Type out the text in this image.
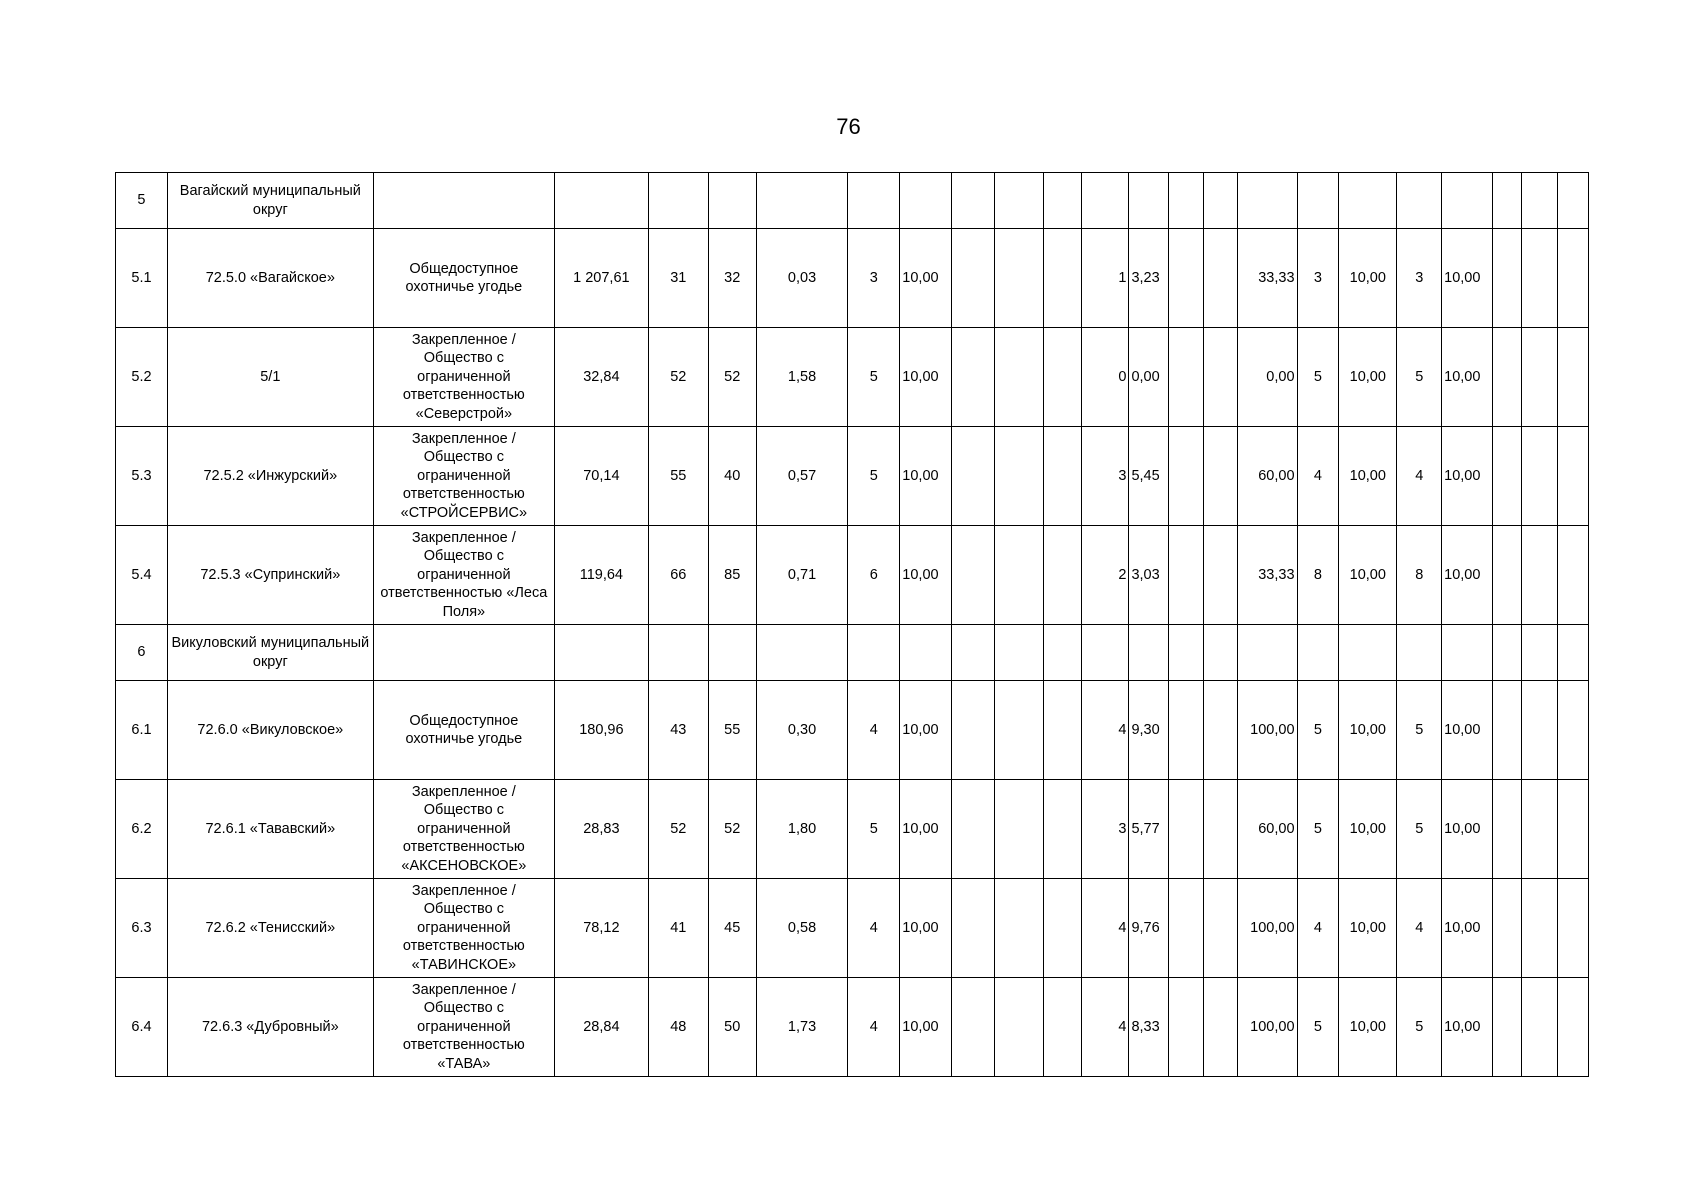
76
5	Вагайский муниципальный округ																						
5.1	72.5.0 «Вагайское»	Общедоступное охотничье угодье	1 207,61	31	32	0,03	3	10,00				1	3,23			33,33	3	10,00	3	10,00			
5.2	5/1	Закрепленное / Общество с ограниченной ответственностью «Северстрой»	32,84	52	52	1,58	5	10,00				0	0,00			0,00	5	10,00	5	10,00			
5.3	72.5.2 «Инжурский»	Закрепленное / Общество с ограниченной ответственностью «СТРОЙСЕРВИС»	70,14	55	40	0,57	5	10,00				3	5,45			60,00	4	10,00	4	10,00			
5.4	72.5.3 «Супринский»	Закрепленное / Общество с ограниченной ответственностью «Леса Поля»	119,64	66	85	0,71	6	10,00				2	3,03			33,33	8	10,00	8	10,00			
6	Викуловский муниципальный округ																						
6.1	72.6.0 «Викуловское»	Общедоступное охотничье угодье	180,96	43	55	0,30	4	10,00				4	9,30			100,00	5	10,00	5	10,00			
6.2	72.6.1 «Тававский»	Закрепленное / Общество с ограниченной ответственностью «АКСЕНОВСКОЕ»	28,83	52	52	1,80	5	10,00				3	5,77			60,00	5	10,00	5	10,00			
6.3	72.6.2 «Тенисский»	Закрепленное / Общество с ограниченной ответственностью «ТАВИНСКОЕ»	78,12	41	45	0,58	4	10,00				4	9,76			100,00	4	10,00	4	10,00			
6.4	72.6.3 «Дубровный»	Закрепленное / Общество с ограниченной ответственностью «ТАВА»	28,84	48	50	1,73	4	10,00				4	8,33			100,00	5	10,00	5	10,00			
